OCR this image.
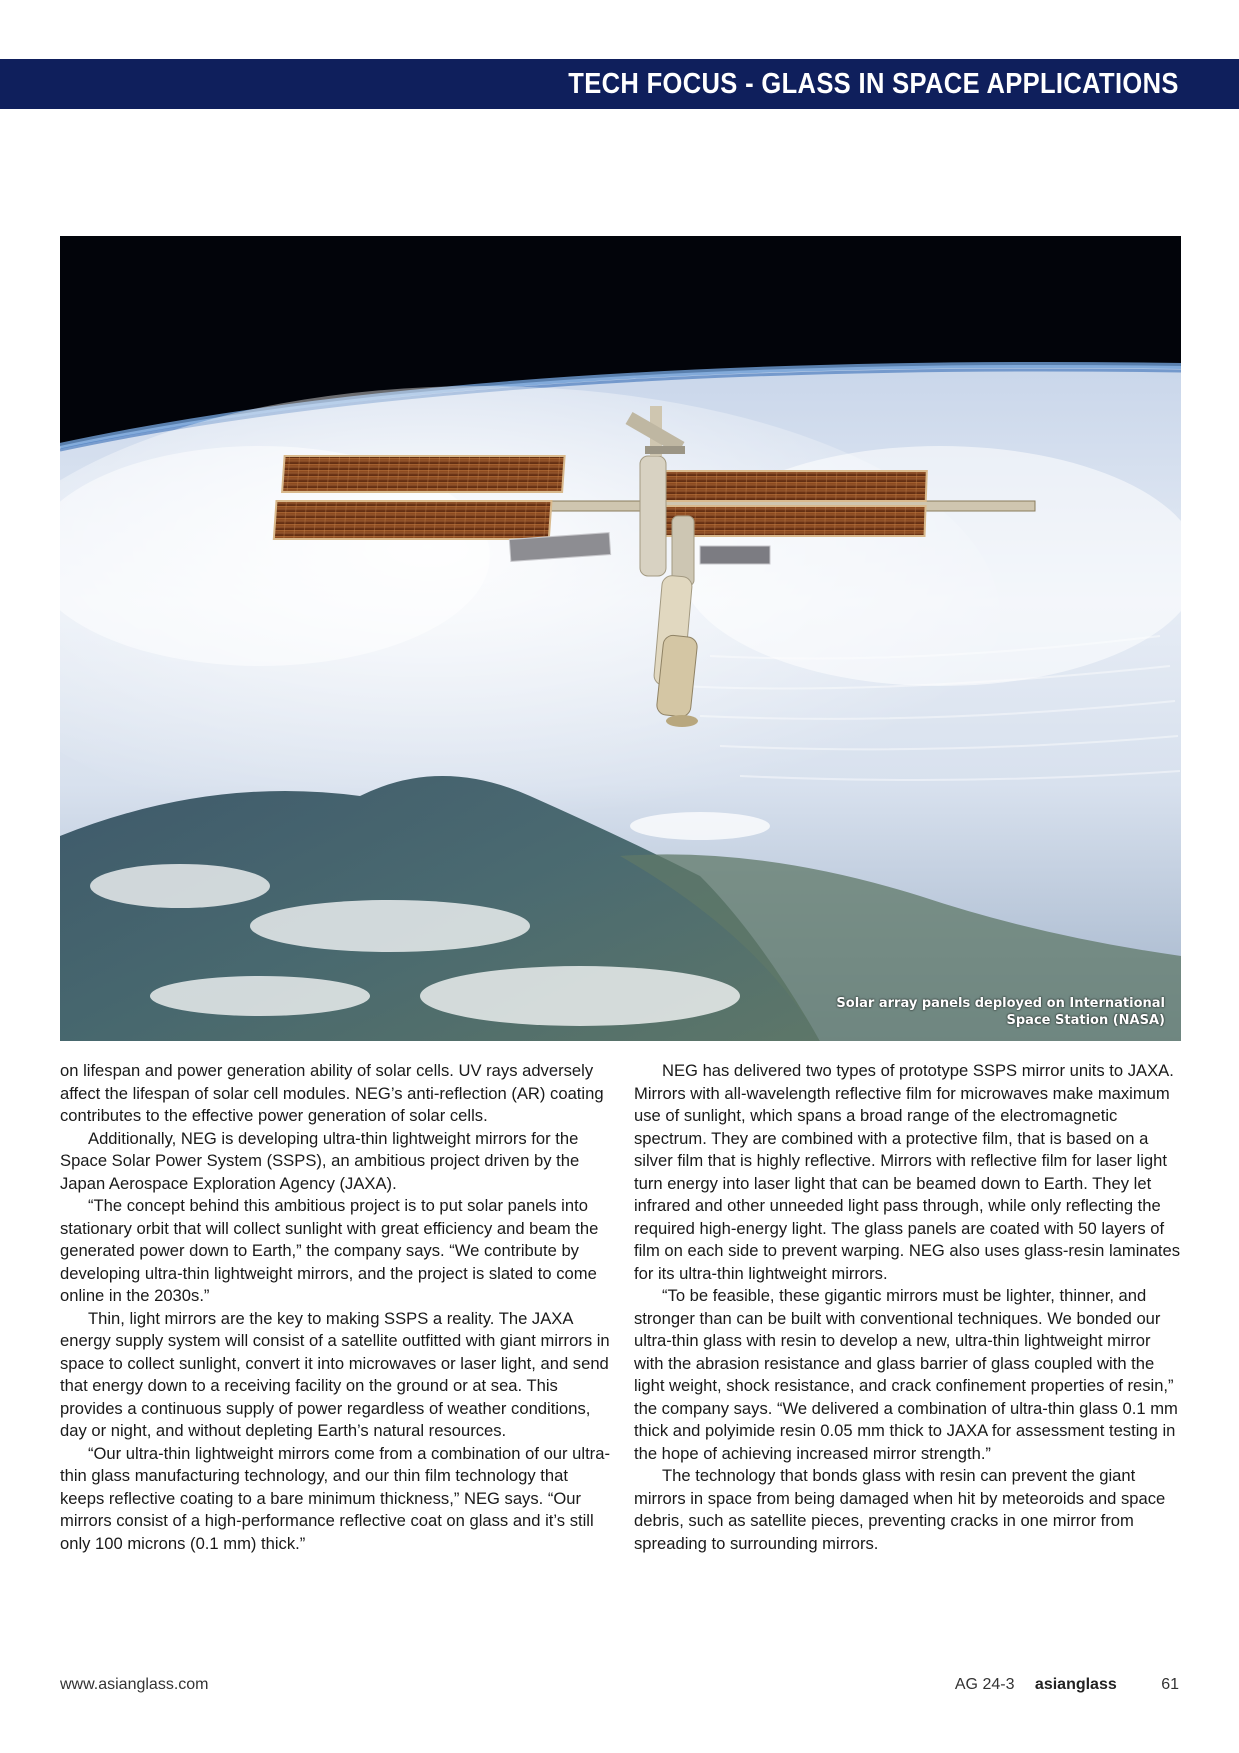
TECH FOCUS - GLASS IN SPACE APPLICATIONS
Solar array panels deployed on International
Space Station (NASA)

on lifespan and power generation ability of solar cells. UV rays adversely affect the lifespan of solar cell modules. NEG’s anti-reflection (AR) coating contributes to the effective power generation of solar cells.

Additionally, NEG is developing ultra-thin lightweight mirrors for the Space Solar Power System (SSPS), an ambitious project driven by the Japan Aerospace Exploration Agency (JAXA).

“The concept behind this ambitious project is to put solar panels into stationary orbit that will collect sunlight with great efficiency and beam the generated power down to Earth,” the company says. “We contribute by developing ultra-thin lightweight mirrors, and the project is slated to come online in the 2030s.”

Thin, light mirrors are the key to making SSPS a reality. The JAXA energy supply system will consist of a satellite outfitted with giant mirrors in space to collect sunlight, convert it into microwaves or laser light, and send that energy down to a receiving facility on the ground or at sea. This provides a continuous supply of power regardless of weather conditions, day or night, and without depleting Earth’s natural resources.

“Our ultra-thin lightweight mirrors come from a combination of our ultra-thin glass manufacturing technology, and our thin film technology that keeps reflective coating to a bare minimum thickness,” NEG says. “Our mirrors consist of a high-performance reflective coat on glass and it’s still only 100 microns (0.1 mm) thick.”

NEG has delivered two types of prototype SSPS mirror units to JAXA. Mirrors with all-wavelength reflective film for microwaves make maximum use of sunlight, which spans a broad range of the electromagnetic spectrum. They are combined with a protective film, that is based on a silver film that is highly reflective. Mirrors with reflective film for laser light turn energy into laser light that can be beamed down to Earth. They let infrared and other unneeded light pass through, while only reflecting the required high-energy light. The glass panels are coated with 50 layers of film on each side to prevent warping. NEG also uses glass-resin laminates for its ultra-thin lightweight mirrors.

“To be feasible, these gigantic mirrors must be lighter, thinner, and stronger than can be built with conventional techniques. We bonded our ultra-thin glass with resin to develop a new, ultra-thin lightweight mirror with the abrasion resistance and glass barrier of glass coupled with the light weight, shock resistance, and crack confinement properties of resin,” the company says. “We delivered a combination of ultra-thin glass 0.1 mm thick and polyimide resin 0.05 mm thick to JAXA for assessment testing in the hope of achieving increased mirror strength.”

The technology that bonds glass with resin can prevent the giant mirrors in space from being damaged when hit by meteoroids and space debris, such as satellite pieces, preventing cracks in one mirror from spreading to surrounding mirrors.

www.asianglass.com	AG 24-3 asianglass	61
